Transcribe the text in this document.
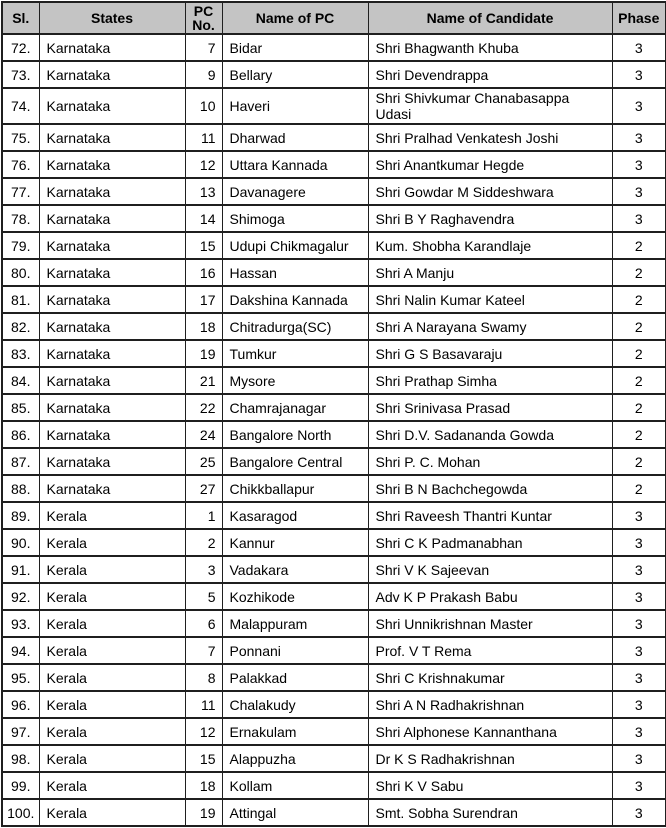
Sl.	States	PC No.	Name of PC	Name of Candidate	Phase
72.	Karnataka	7	Bidar	Shri Bhagwanth Khuba	3
73.	Karnataka	9	Bellary	Shri Devendrappa	3
74.	Karnataka	10	Haveri	Shri Shivkumar Chanabasappa Udasi	3
75.	Karnataka	11	Dharwad	Shri Pralhad Venkatesh Joshi	3
76.	Karnataka	12	Uttara Kannada	Shri Anantkumar Hegde	3
77.	Karnataka	13	Davanagere	Shri Gowdar M Siddeshwara	3
78.	Karnataka	14	Shimoga	Shri B Y Raghavendra	3
79.	Karnataka	15	Udupi Chikmagalur	Kum. Shobha Karandlaje	2
80.	Karnataka	16	Hassan	Shri A Manju	2
81.	Karnataka	17	Dakshina Kannada	Shri Nalin Kumar Kateel	2
82.	Karnataka	18	Chitradurga(SC)	Shri A Narayana Swamy	2
83.	Karnataka	19	Tumkur	Shri G S Basavaraju	2
84.	Karnataka	21	Mysore	Shri Prathap Simha	2
85.	Karnataka	22	Chamrajanagar	Shri Srinivasa Prasad	2
86.	Karnataka	24	Bangalore North	Shri D.V. Sadananda Gowda	2
87.	Karnataka	25	Bangalore Central	Shri P. C. Mohan	2
88.	Karnataka	27	Chikkballapur	Shri B N Bachchegowda	2
89.	Kerala	1	Kasaragod	Shri Raveesh Thantri Kuntar	3
90.	Kerala	2	Kannur	Shri C K Padmanabhan	3
91.	Kerala	3	Vadakara	Shri V K Sajeevan	3
92.	Kerala	5	Kozhikode	Adv K P Prakash Babu	3
93.	Kerala	6	Malappuram	Shri Unnikrishnan Master	3
94.	Kerala	7	Ponnani	Prof. V T Rema	3
95.	Kerala	8	Palakkad	Shri C Krishnakumar	3
96.	Kerala	11	Chalakudy	Shri A N Radhakrishnan	3
97.	Kerala	12	Ernakulam	Shri Alphonese Kannanthana	3
98.	Kerala	15	Alappuzha	Dr K S Radhakrishnan	3
99.	Kerala	18	Kollam	Shri K V Sabu	3
100.	Kerala	19	Attingal	Smt. Sobha Surendran	3
